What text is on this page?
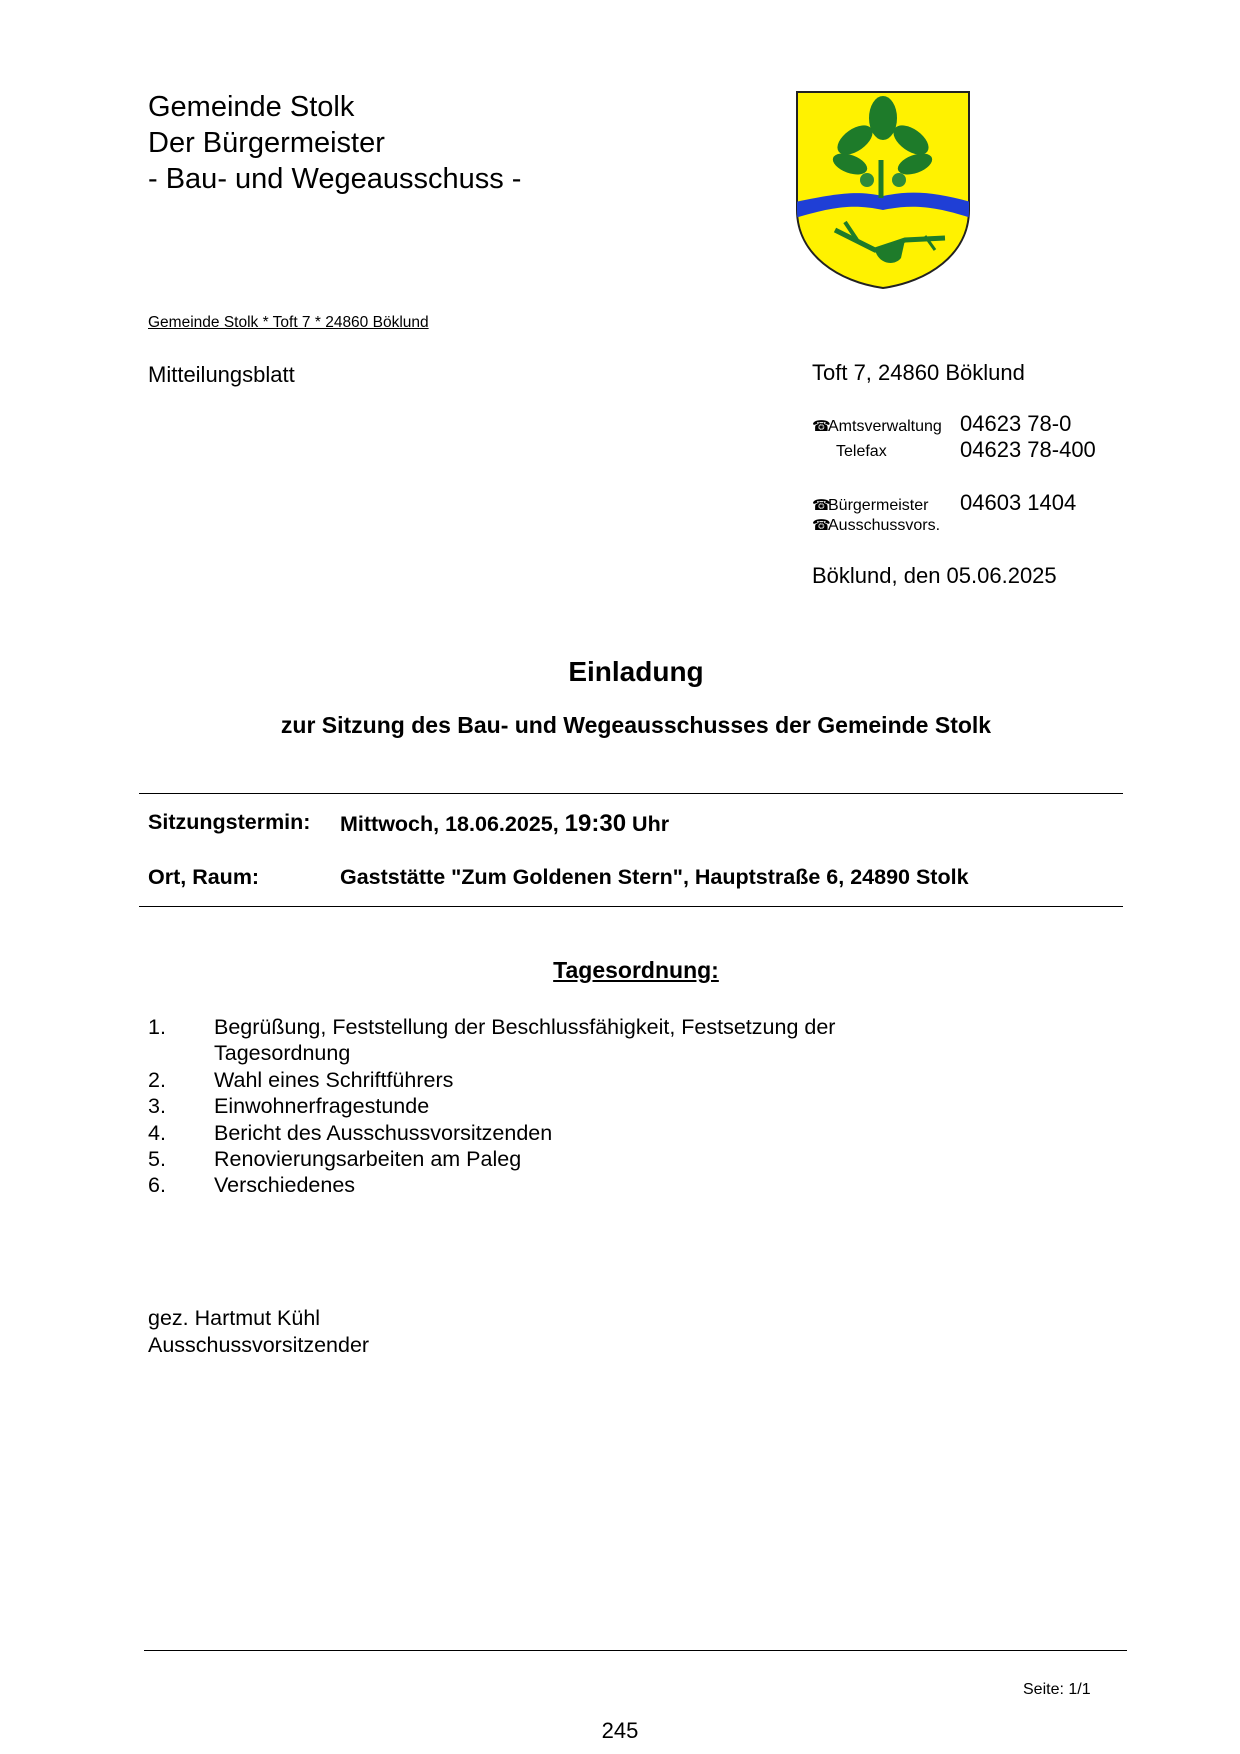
Gemeinde Stolk
Der Bürgermeister
- Bau- und Wegeausschuss -
Gemeinde Stolk * Toft 7 * 24860 Böklund
Mitteilungsblatt	Toft 7, 24860 Böklund
☎Amtsverwaltung 04623 78-0
Telefax	04623 78-400
☎Bürgermeister 04603 1404
☎Ausschussvors.
Böklund, den 05.06.2025
Einladung
zur Sitzung des Bau- und Wegeausschusses der Gemeinde Stolk
Sitzungstermin: Mittwoch, 18.06.2025, 19:30 Uhr
Ort, Raum:	Gaststätte "Zum Goldenen Stern", Hauptstraße 6, 24890 Stolk
Tagesordnung:
1.	Begrüßung, Feststellung der Beschlussfähigkeit, Festsetzung der Tagesordnung
2.	Wahl eines Schriftführers
3.	Einwohnerfragestunde
4.	Bericht des Ausschussvorsitzenden
5.	Renovierungsarbeiten am Paleg
6.	Verschiedenes
gez. Hartmut Kühl
Ausschussvorsitzender
Seite: 1/1
245
